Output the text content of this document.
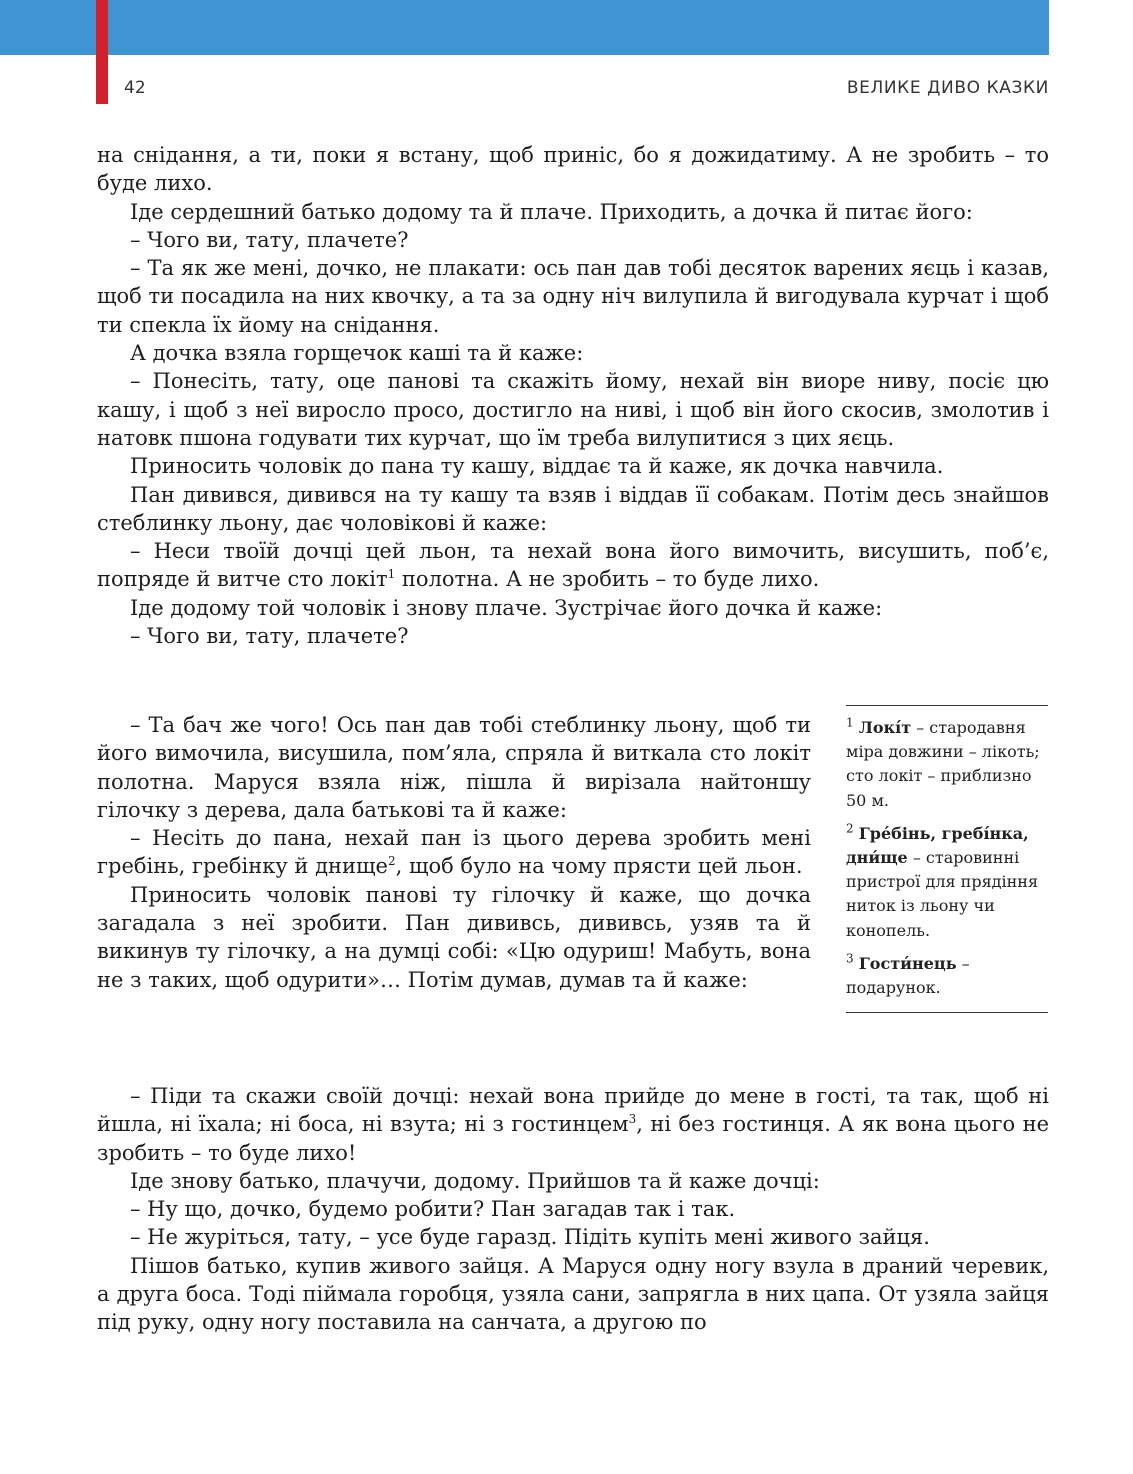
42	ВЕЛИКЕ ДИВО КАЗКИ

на снідання, а ти, поки я встану, щоб приніс, бо я дожидатиму. А не зробить – то буде лихо.

Іде сердешний батько додому та й плаче. Приходить, а дочка й питає його:

– Чого ви, тату, плачете?

– Та як же мені, дочко, не плакати: ось пан дав тобі десяток варених яєць і казав, щоб ти посадила на них квочку, а та за одну ніч вилупила й вигодувала курчат і щоб ти спекла їх йому на снідання.

А дочка взяла горщечок каші та й каже:

– Понесіть, тату, оце панові та скажіть йому, нехай він виоре ниву, посіє цю кашу, і щоб з неї виросло просо, достигло на ниві, і щоб він його скосив, змолотив і натовк пшона годувати тих курчат, що їм треба вилупитися з цих яєць.

Приносить чоловік до пана ту кашу, віддає та й каже, як дочка навчила.

Пан дивився, дивився на ту кашу та взяв і віддав її собакам. Потім десь знайшов стеблинку льону, дає чоловікові й каже:

– Неси твоїй дочці цей льон, та нехай вона його вимочить, висушить, поб’є, попряде й витче сто локіт$^1$ полотна. А не зробить – то буде лихо.

Іде додому той чоловік і знову плаче. Зустрічає його дочка й каже:

– Чого ви, тату, плачете?

– Та бач же чого! Ось пан дав тобі стеблинку льону, щоб ти його вимочила, висушила, пом’яла, спряла й виткала сто локіт полотна. Маруся взяла ніж, пішла й вирізала найтоншу гілочку з дерева, дала батькові та й каже:

– Несіть до пана, нехай пан із цього дерева зробить мені гребінь, гребінку й днище$^2$, щоб було на чому прясти цей льон.

Приносить чоловік панові ту гілочку й каже, що дочка загадала з неї зробити. Пан дививсь, дививсь, узяв та й викинув ту гілочку, а на думці собі: «Цю одуриш! Мабуть, вона не з таких, щоб одурити»… Потім думав, думав та й каже:

– Піди та скажи своїй дочці: нехай вона прийде до мене в гості, та так, щоб ні йшла, ні їхала; ні боса, ні взута; ні з гостинцем$^3$, ні без гостинця. А як вона цього не зробить – то буде лихо!

Іде знову батько, плачучи, додому. Прийшов та й каже дочці:

– Ну що, дочко, будемо робити? Пан загадав так і так.

– Не журіться, тату, – усе буде гаразд. Підіть купіть мені живого зайця.

Пішов батько, купив живого зайця. А Маруся одну ногу взула в драний черевик, а друга боса. Тоді піймала горобця, узяла сани, запрягла в них цапа. От узяла зайця під руку, одну ногу поставила на санчата, а другою по

$^1$ Локі́т – стародавня міра довжини – лікоть; сто локіт – приблизно 50 м.
$^2$ Гре́бінь, гребі́нка, дни́ще – старовинні пристрої для прядіння ниток із льону чи конопель.
$^3$ Гости́нець – подарунок.
